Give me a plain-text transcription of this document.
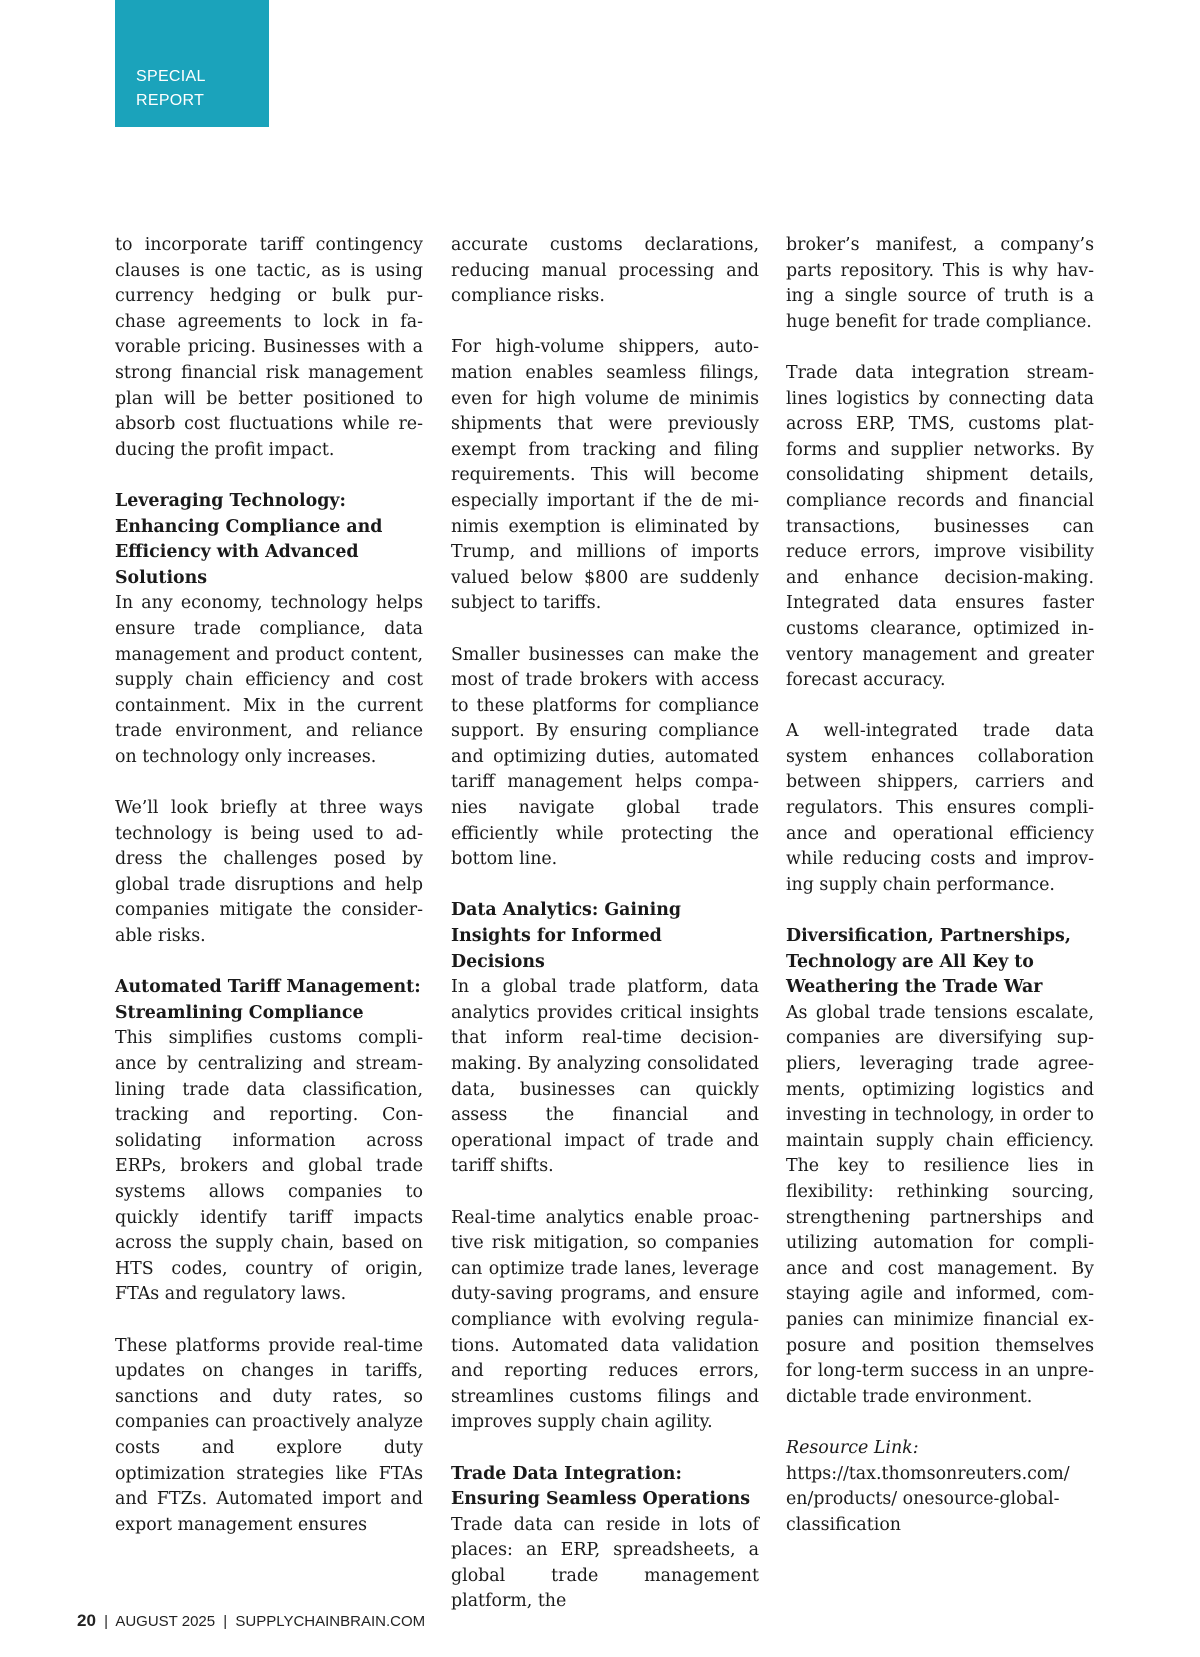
SPECIAL
REPORT

to incorporate tariff contingency clauses is one tactic, as is using currency hedging or bulk purchase agreements to lock in favorable pricing. Businesses with a strong financial risk management plan will be better positioned to absorb cost fluctuations while reducing the profit impact.

Leveraging Technology: Enhancing Compliance and Efficiency with Advanced Solutions

In any economy, technology helps ensure trade compliance, data management and product content, supply chain efficiency and cost containment. Mix in the current trade environment, and reliance on technology only increases.

We’ll look briefly at three ways technology is being used to address the challenges posed by global trade disruptions and help companies mitigate the considerable risks.

Automated Tariff Management: Streamlining Compliance

This simplifies customs compliance by centralizing and streamlining trade data classification, tracking and reporting. Consolidating information across ERPs, brokers and global trade systems allows companies to quickly identify tariff impacts across the supply chain, based on HTS codes, country of origin, FTAs and regulatory laws.

These platforms provide real-time updates on changes in tariffs, sanctions and duty rates, so companies can proactively analyze costs and explore duty optimization strategies like FTAs and FTZs. Automated import and export management ensures

accurate customs declarations, reducing manual processing and compliance risks.

For high-volume shippers, automation enables seamless filings, even for high volume de minimis shipments that were previously exempt from tracking and filing requirements. This will become especially important if the de minimis exemption is eliminated by Trump, and millions of imports valued below $800 are suddenly subject to tariffs.

Smaller businesses can make the most of trade brokers with access to these platforms for compliance support. By ensuring compliance and optimizing duties, automated tariff management helps companies navigate global trade efficiently while protecting the bottom line.

Data Analytics: Gaining Insights for Informed Decisions

In a global trade platform, data analytics provides critical insights that inform real-time decision-making. By analyzing consolidated data, businesses can quickly assess the financial and operational impact of trade and tariff shifts.

Real-time analytics enable proactive risk mitigation, so companies can optimize trade lanes, leverage duty-saving programs, and ensure compliance with evolving regulations. Automated data validation and reporting reduces errors, streamlines customs filings and improves supply chain agility.

Trade Data Integration: Ensuring Seamless Operations

Trade data can reside in lots of places: an ERP, spreadsheets, a global trade management platform, the

broker’s manifest, a company’s parts repository. This is why having a single source of truth is a huge benefit for trade compliance.

Trade data integration streamlines logistics by connecting data across ERP, TMS, customs platforms and supplier networks. By consolidating shipment details, compliance records and financial transactions, businesses can reduce errors, improve visibility and enhance decision-making. Integrated data ensures faster customs clearance, optimized inventory management and greater forecast accuracy.

A well-integrated trade data system enhances collaboration between shippers, carriers and regulators. This ensures compliance and operational efficiency while reducing costs and improving supply chain performance.

Diversification, Partnerships, Technology are All Key to Weathering the Trade War

As global trade tensions escalate, companies are diversifying suppliers, leveraging trade agreements, optimizing logistics and investing in technology, in order to maintain supply chain efficiency. The key to resilience lies in flexibility: rethinking sourcing, strengthening partnerships and utilizing automation for compliance and cost management. By staying agile and informed, companies can minimize financial exposure and position themselves for long-term success in an unpredictable trade environment.

Resource Link:
https://tax.thomsonreuters.com/
en/products/ onesource-global-
classification
20 | AUGUST 2025 | SUPPLYCHAINBRAIN.COM
